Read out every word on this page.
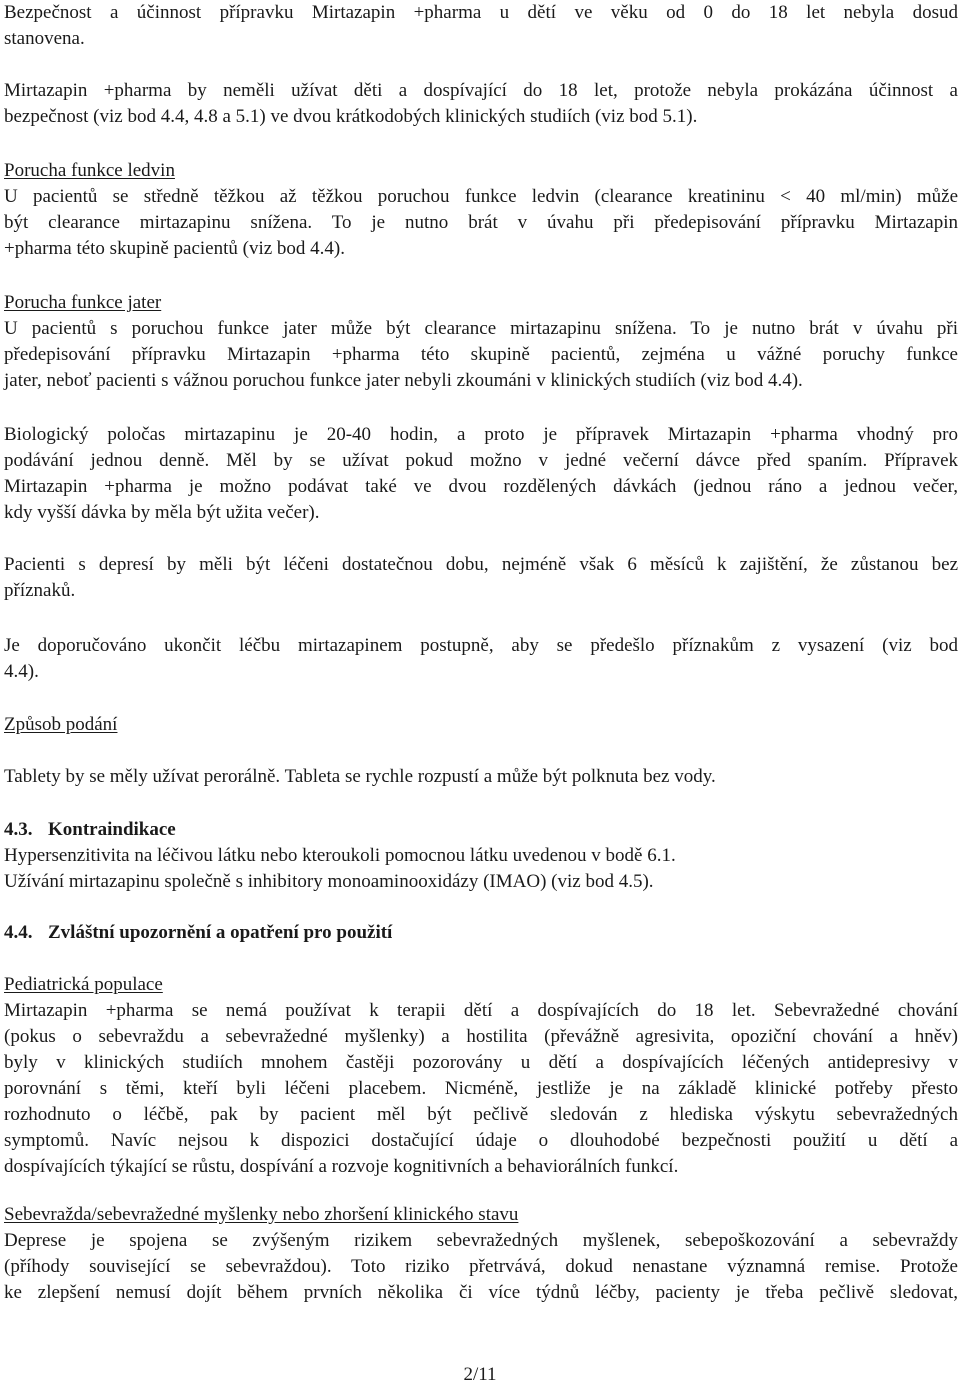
Bezpečnost a účinnost přípravku Mirtazapin +pharma u dětí ve věku od 0 do 18 let nebyla dosud
stanovena.
Mirtazapin +pharma by neměli užívat děti a dospívající do 18 let, protože nebyla prokázána účinnost a
bezpečnost (viz bod 4.4, 4.8 a 5.1) ve dvou krátkodobých klinických studiích (viz bod 5.1).
Porucha funkce ledvin
U pacientů se středně těžkou až těžkou poruchou funkce ledvin (clearance kreatininu < 40 ml/min) může
být clearance mirtazapinu snížena. To je nutno brát v úvahu při předepisování přípravku Mirtazapin
+pharma této skupině pacientů (viz bod 4.4).
Porucha funkce jater
U pacientů s poruchou funkce jater může být clearance mirtazapinu snížena. To je nutno brát v úvahu při
předepisování přípravku Mirtazapin +pharma této skupině pacientů, zejména u vážné poruchy funkce
jater, neboť pacienti s vážnou poruchou funkce jater nebyli zkoumáni v klinických studiích (viz bod 4.4).
Biologický poločas mirtazapinu je 20-40 hodin, a proto je přípravek Mirtazapin +pharma vhodný pro
podávání jednou denně. Měl by se užívat pokud možno v jedné večerní dávce před spaním. Přípravek
Mirtazapin +pharma je možno podávat také ve dvou rozdělených dávkách (jednou ráno a jednou večer,
kdy vyšší dávka by měla být užita večer).
Pacienti s depresí by měli být léčeni dostatečnou dobu, nejméně však 6 měsíců k zajištění, že zůstanou bez
příznaků.
Je doporučováno ukončit léčbu mirtazapinem postupně, aby se předešlo příznakům z vysazení (viz bod
4.4).
Způsob podání
Tablety by se měly užívat perorálně. Tableta se rychle rozpustí a může být polknuta bez vody.
4.3. Kontraindikace
Hypersenzitivita na léčivou látku nebo kteroukoli pomocnou látku uvedenou v bodě 6.1.
Užívání mirtazapinu společně s inhibitory monoaminooxidázy (IMAO) (viz bod 4.5).
4.4. Zvláštní upozornění a opatření pro použití
Pediatrická populace
Mirtazapin +pharma se nemá používat k terapii dětí a dospívajících do 18 let. Sebevražedné chování
(pokus o sebevraždu a sebevražedné myšlenky) a hostilita (převážně agresivita, opoziční chování a hněv)
byly v klinických studiích mnohem častěji pozorovány u dětí a dospívajících léčených antidepresivy v
porovnání s těmi, kteří byli léčeni placebem. Nicméně, jestliže je na základě klinické potřeby přesto
rozhodnuto o léčbě, pak by pacient měl být pečlivě sledován z hlediska výskytu sebevražedných
symptomů. Navíc nejsou k dispozici dostačující údaje o dlouhodobé bezpečnosti použití u dětí a
dospívajících týkající se růstu, dospívání a rozvoje kognitivních a behaviorálních funkcí.
Sebevražda/sebevražedné myšlenky nebo zhoršení klinického stavu
Deprese je spojena se zvýšeným rizikem sebevražedných myšlenek, sebepoškozování a sebevraždy
(příhody související se sebevraždou). Toto riziko přetrvává, dokud nenastane významná remise. Protože
ke zlepšení nemusí dojít během prvních několika či více týdnů léčby, pacienty je třeba pečlivě sledovat,
2/11
